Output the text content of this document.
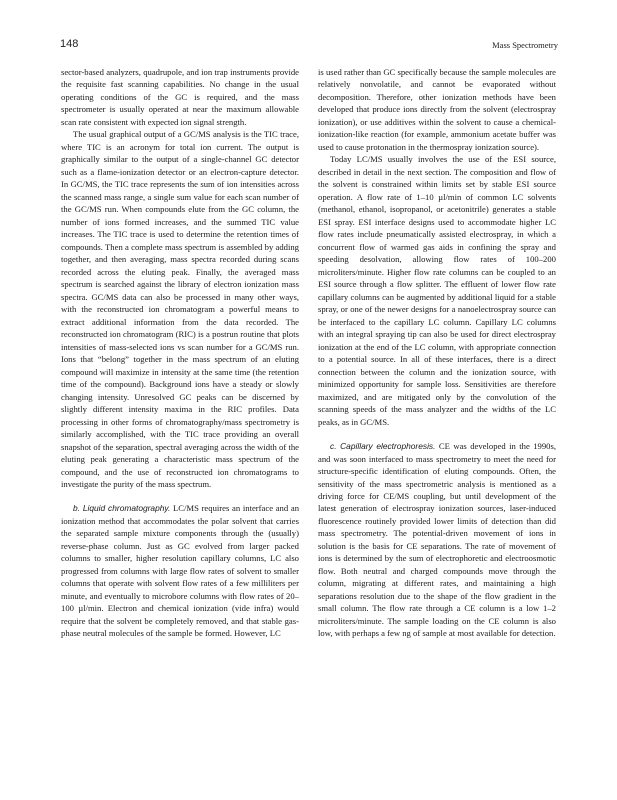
148	Mass Spectrometry

sector-based analyzers, quadrupole, and ion trap instruments provide the requisite fast scanning capabilities. No change in the usual operating conditions of the GC is required, and the mass spectrometer is usually operated at near the maximum allowable scan rate consistent with expected ion signal strength.

The usual graphical output of a GC/MS analysis is the TIC trace, where TIC is an acronym for total ion current. The output is graphically similar to the output of a single-channel GC detector such as a flame-ionization detector or an electron-capture detector. In GC/MS, the TIC trace represents the sum of ion intensities across the scanned mass range, a single sum value for each scan number of the GC/MS run. When compounds elute from the GC column, the number of ions formed increases, and the summed TIC value increases. The TIC trace is used to determine the retention times of compounds. Then a complete mass spectrum is assembled by adding together, and then averaging, mass spectra recorded during scans recorded across the eluting peak. Finally, the averaged mass spectrum is searched against the library of electron ionization mass spectra. GC/MS data can also be processed in many other ways, with the reconstructed ion chromatogram a powerful means to extract additional information from the data recorded. The reconstructed ion chromatogram (RIC) is a postrun routine that plots intensities of mass-selected ions vs scan number for a GC/MS run. Ions that “belong” together in the mass spectrum of an eluting compound will maximize in intensity at the same time (the retention time of the compound). Background ions have a steady or slowly changing intensity. Unresolved GC peaks can be discerned by slightly different intensity maxima in the RIC profiles. Data processing in other forms of chromatography/mass spectrometry is similarly accomplished, with the TIC trace providing an overall snapshot of the separation, spectral averaging across the width of the eluting peak generating a characteristic mass spectrum of the compound, and the use of reconstructed ion chromatograms to investigate the purity of the mass spectrum.

b. Liquid chromatography. LC/MS requires an interface and an ionization method that accommodates the polar solvent that carries the separated sample mixture components through the (usually) reverse-phase column. Just as GC evolved from larger packed columns to smaller, higher resolution capillary columns, LC also progressed from columns with large flow rates of solvent to smaller columns that operate with solvent flow rates of a few milliliters per minute, and eventually to microbore columns with flow rates of 20–100 µl/min. Electron and chemical ionization (vide infra) would require that the solvent be completely removed, and that stable gas-phase neutral molecules of the sample be formed. However, LC

is used rather than GC specifically because the sample molecules are relatively nonvolatile, and cannot be evaporated without decomposition. Therefore, other ionization methods have been developed that produce ions directly from the solvent (electrospray ionization), or use additives within the solvent to cause a chemical-ionization-like reaction (for example, ammonium acetate buffer was used to cause protonation in the thermospray ionization source).

Today LC/MS usually involves the use of the ESI source, described in detail in the next section. The composition and flow of the solvent is constrained within limits set by stable ESI source operation. A flow rate of 1–10 µl/min of common LC solvents (methanol, ethanol, isopropanol, or acetonitrile) generates a stable ESI spray. ESI interface designs used to accommodate higher LC flow rates include pneumatically assisted electrospray, in which a concurrent flow of warmed gas aids in confining the spray and speeding desolvation, allowing flow rates of 100–200 microliters/minute. Higher flow rate columns can be coupled to an ESI source through a flow splitter. The effluent of lower flow rate capillary columns can be augmented by additional liquid for a stable spray, or one of the newer designs for a nanoelectrospray source can be interfaced to the capillary LC column. Capillary LC columns with an integral spraying tip can also be used for direct electrospray ionization at the end of the LC column, with appropriate connection to a potential source. In all of these interfaces, there is a direct connection between the column and the ionization source, with minimized opportunity for sample loss. Sensitivities are therefore maximized, and are mitigated only by the convolution of the scanning speeds of the mass analyzer and the widths of the LC peaks, as in GC/MS.

c. Capillary electrophoresis. CE was developed in the 1990s, and was soon interfaced to mass spectrometry to meet the need for structure-specific identification of eluting compounds. Often, the sensitivity of the mass spectrometric analysis is mentioned as a driving force for CE/MS coupling, but until development of the latest generation of electrospray ionization sources, laser-induced fluorescence routinely provided lower limits of detection than did mass spectrometry. The potential-driven movement of ions in solution is the basis for CE separations. The rate of movement of ions is determined by the sum of electrophoretic and electroosmotic flow. Both neutral and charged compounds move through the column, migrating at different rates, and maintaining a high separations resolution due to the shape of the flow gradient in the small column. The flow rate through a CE column is a low 1–2 microliters/minute. The sample loading on the CE column is also low, with perhaps a few ng of sample at most available for detection.
